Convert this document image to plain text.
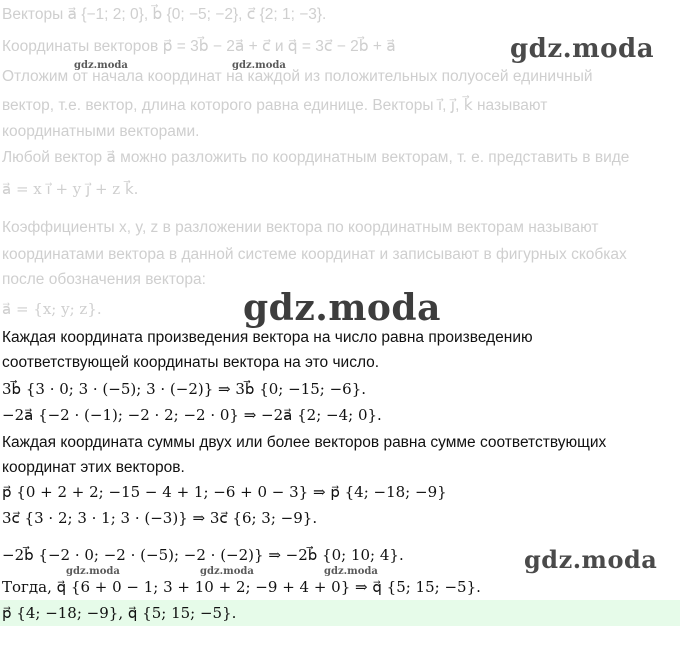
Векторы a⃗ {−1; 2; 0}, b⃗ {0; −5; −2}, c⃗ {2; 1; −3}.
Координаты векторов p⃗ = 3b⃗ − 2a⃗ + c⃗ и q⃗ = 3c⃗ − 2b⃗ + a⃗
Отложим от начала координат на каждой из положительных полуосей единичный
вектор, т.е. вектор, длина которого равна единице. Векторы i⃗, j⃗, k⃗ называют
координатными векторами.
Любой вектор a⃗ можно разложить по координатным векторам, т. е. представить в виде
a⃗ = x i⃗ + y j⃗ + z k⃗.
Коэффициенты x, y, z в разложении вектора по координатным векторам называют
координатами вектора в данной системе координат и записывают в фигурных скобках
после обозначения вектора:
a⃗ = {x; y; z}.
Каждая координата произведения вектора на число равна произведению
соответствующей координаты вектора на это число.
3b⃗ {3 · 0; 3 · (−5); 3 · (−2)} ⇒ 3b⃗ {0; −15; −6}.
−2a⃗ {−2 · (−1); −2 · 2; −2 · 0} ⇒ −2a⃗ {2; −4; 0}.
Каждая координата суммы двух или более векторов равна сумме соответствующих
координат этих векторов.
p⃗ {0 + 2 + 2; −15 − 4 + 1; −6 + 0 − 3} ⇒ p⃗ {4; −18; −9}
3c⃗ {3 · 2; 3 · 1; 3 · (−3)} ⇒ 3c⃗ {6; 3; −9}.
−2b⃗ {−2 · 0; −2 · (−5); −2 · (−2)} ⇒ −2b⃗ {0; 10; 4}.
Тогда, q⃗ {6 + 0 − 1; 3 + 10 + 2; −9 + 4 + 0} ⇒ q⃗ {5; 15; −5}.
p⃗ {4; −18; −9}, q⃗ {5; 15; −5}.
gdz.moda
gdz.moda	gdz.moda
gdz.moda
gdz.moda
gdz.moda	gdz.moda	gdz.moda
